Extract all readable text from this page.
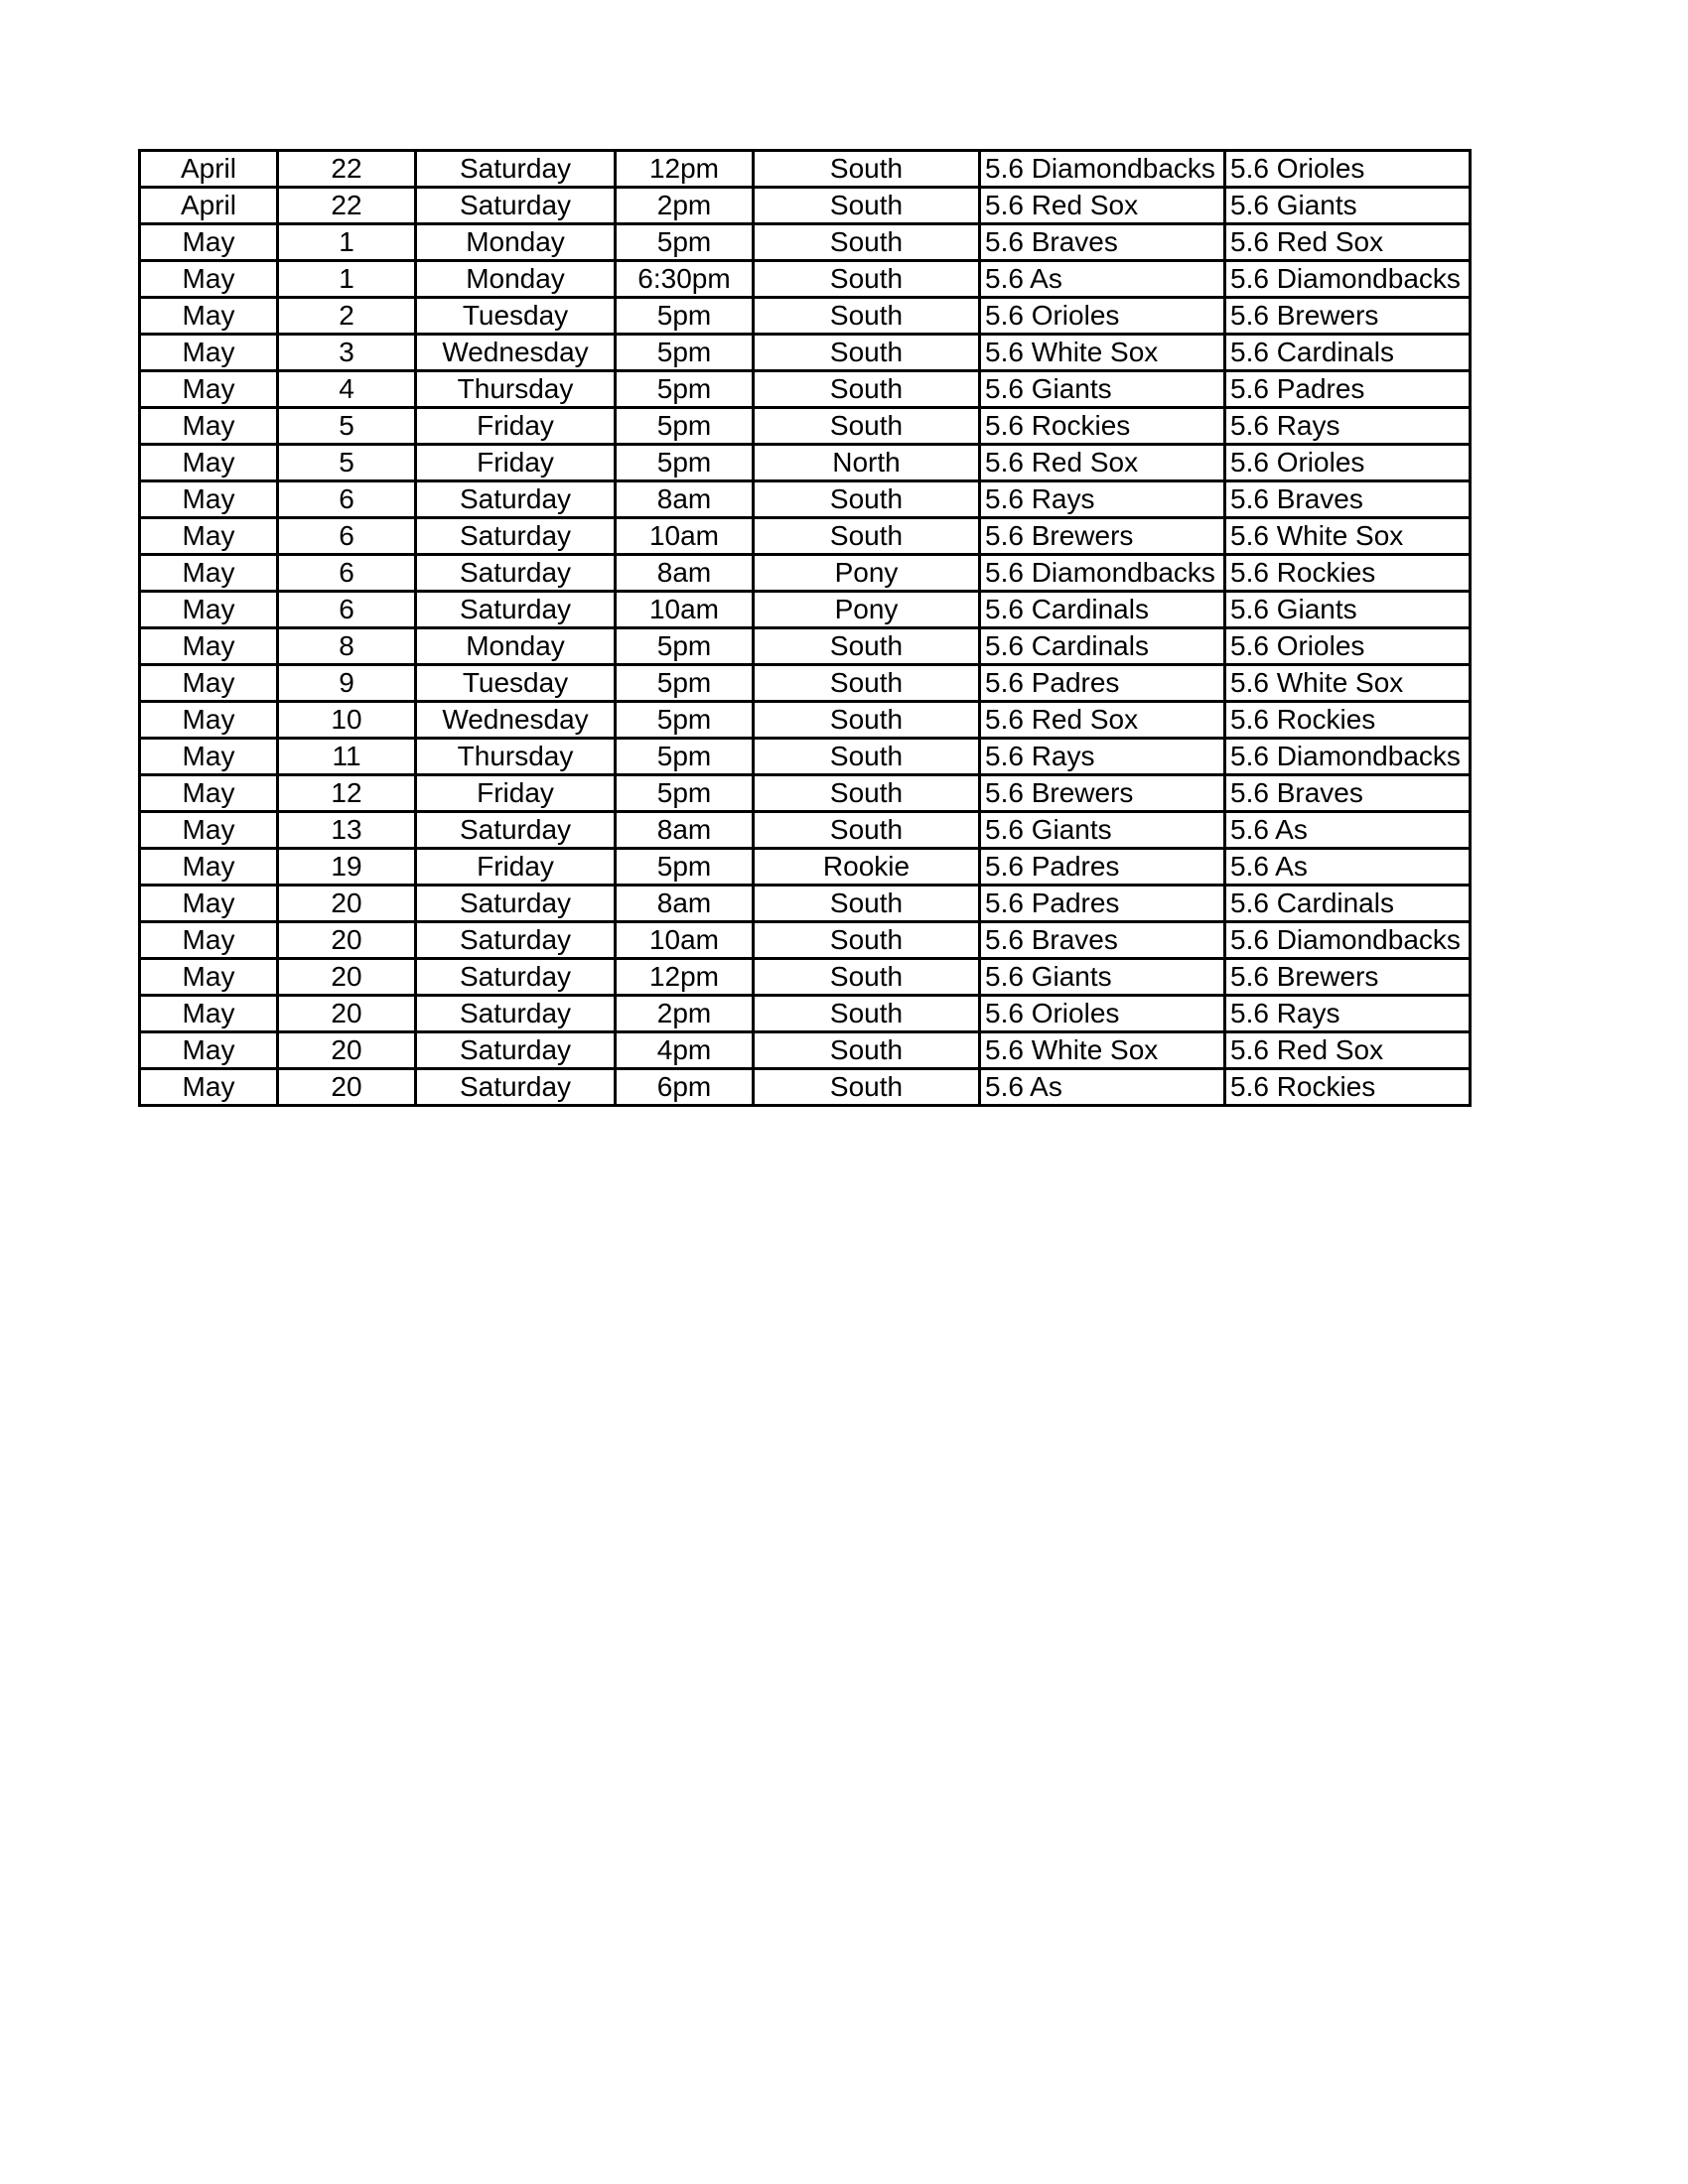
April	22	Saturday	12pm	South	5.6 Diamondbacks	5.6 Orioles
April	22	Saturday	2pm	South	5.6 Red Sox	5.6 Giants
May	1	Monday	5pm	South	5.6 Braves	5.6 Red Sox
May	1	Monday	6:30pm	South	5.6 As	5.6 Diamondbacks
May	2	Tuesday	5pm	South	5.6 Orioles	5.6 Brewers
May	3	Wednesday	5pm	South	5.6 White Sox	5.6 Cardinals
May	4	Thursday	5pm	South	5.6 Giants	5.6 Padres
May	5	Friday	5pm	South	5.6 Rockies	5.6 Rays
May	5	Friday	5pm	North	5.6 Red Sox	5.6 Orioles
May	6	Saturday	8am	South	5.6 Rays	5.6 Braves
May	6	Saturday	10am	South	5.6 Brewers	5.6 White Sox
May	6	Saturday	8am	Pony	5.6 Diamondbacks	5.6 Rockies
May	6	Saturday	10am	Pony	5.6 Cardinals	5.6 Giants
May	8	Monday	5pm	South	5.6 Cardinals	5.6 Orioles
May	9	Tuesday	5pm	South	5.6 Padres	5.6 White Sox
May	10	Wednesday	5pm	South	5.6 Red Sox	5.6 Rockies
May	11	Thursday	5pm	South	5.6 Rays	5.6 Diamondbacks
May	12	Friday	5pm	South	5.6 Brewers	5.6 Braves
May	13	Saturday	8am	South	5.6 Giants	5.6 As
May	19	Friday	5pm	Rookie	5.6 Padres	5.6 As
May	20	Saturday	8am	South	5.6 Padres	5.6 Cardinals
May	20	Saturday	10am	South	5.6 Braves	5.6 Diamondbacks
May	20	Saturday	12pm	South	5.6 Giants	5.6 Brewers
May	20	Saturday	2pm	South	5.6 Orioles	5.6 Rays
May	20	Saturday	4pm	South	5.6 White Sox	5.6 Red Sox
May	20	Saturday	6pm	South	5.6 As	5.6 Rockies
